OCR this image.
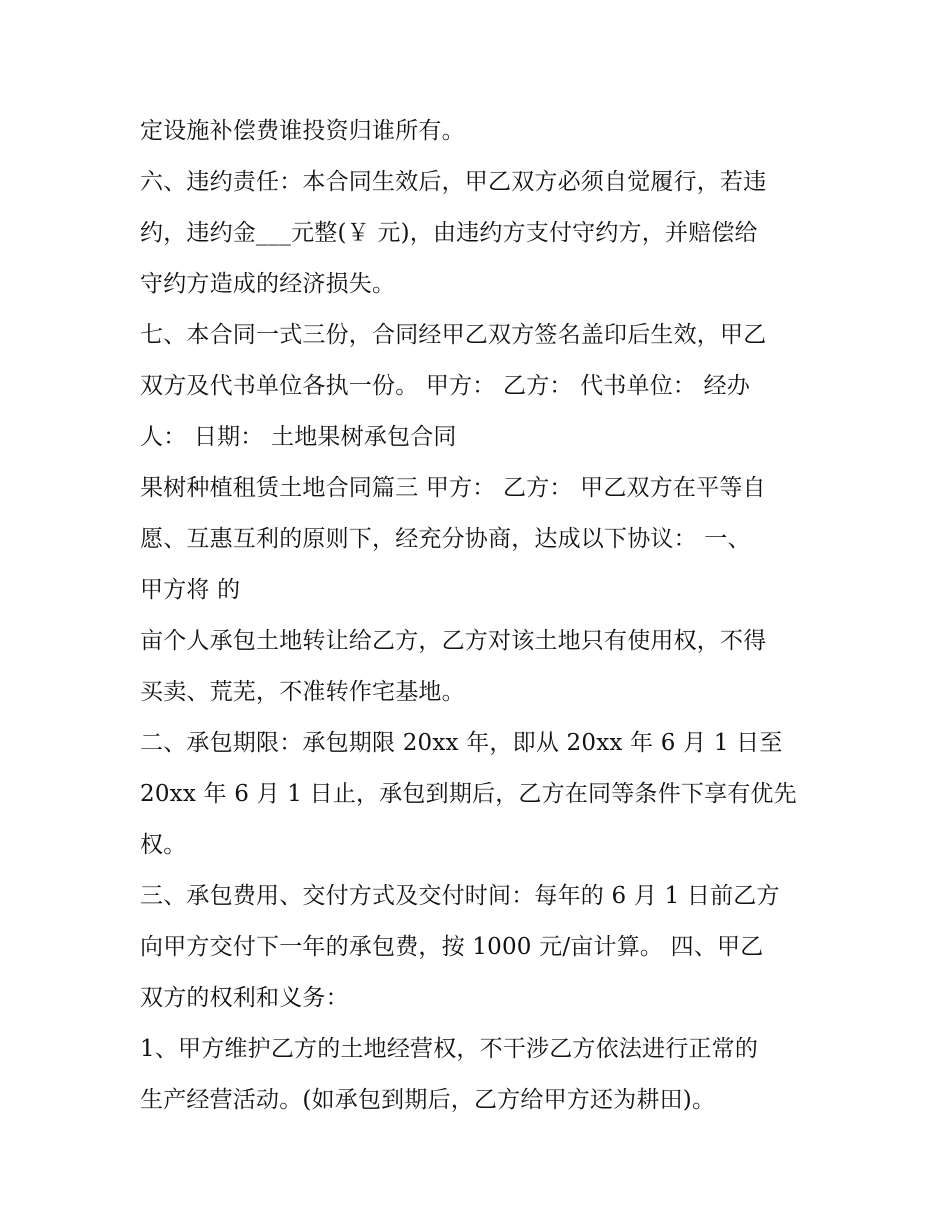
定设施补偿费谁投资归谁所有。
六、违约责任：本合同生效后，甲乙双方必须自觉履行，若违
约，违约金___元整(￥ 元)，由违约方支付守约方，并赔偿给
守约方造成的经济损失。
七、本合同一式三份，合同经甲乙双方签名盖印后生效，甲乙
双方及代书单位各执一份。 甲方： 乙方： 代书单位： 经办
人： 日期： 土地果树承包合同
果树种植租赁土地合同篇三 甲方： 乙方： 甲乙双方在平等自
愿、互惠互利的原则下，经充分协商，达成以下协议： 一、
甲方将 的
亩个人承包土地转让给乙方，乙方对该土地只有使用权，不得
买卖、荒芜，不准转作宅基地。
二、承包期限：承包期限 20xx 年，即从 20xx 年 6 月 1 日至
20xx 年 6 月 1 日止，承包到期后，乙方在同等条件下享有优先
权。
三、承包费用、交付方式及交付时间：每年的 6 月 1 日前乙方
向甲方交付下一年的承包费，按 1000 元/亩计算。 四、甲乙
双方的权利和义务：
1、甲方维护乙方的土地经营权，不干涉乙方依法进行正常的
生产经营活动。(如承包到期后，乙方给甲方还为耕田)。
